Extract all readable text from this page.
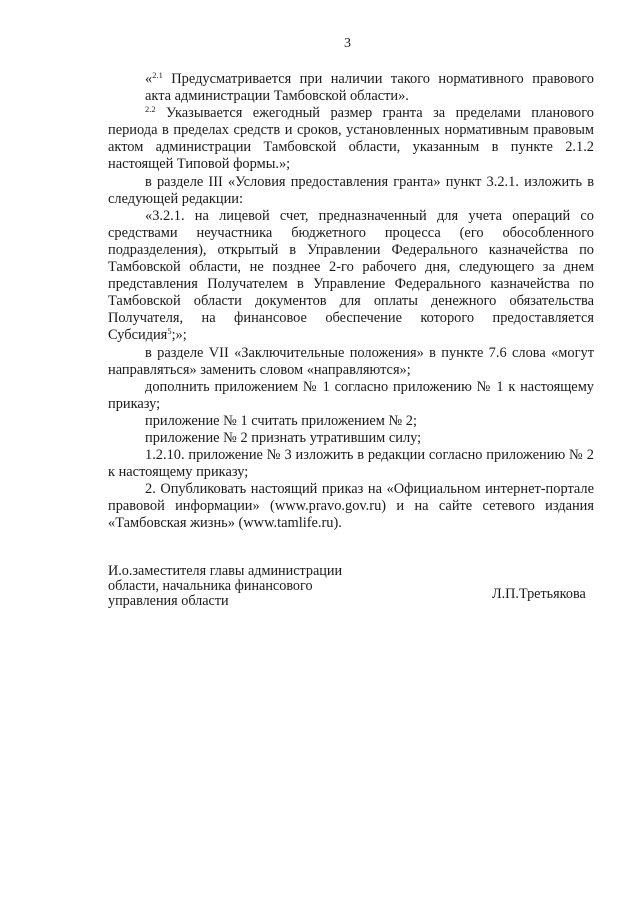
3

«$^{2.1}$ Предусматривается при наличии такого нормативного правового акта администрации Тамбовской области».

$^{2.2}$ Указывается ежегодный размер гранта за пределами планового периода в пределах средств и сроков, установленных нормативным правовым актом администрации Тамбовской области, указанным в пункте 2.1.2 настоящей Типовой формы.»;

в разделе III «Условия предоставления гранта» пункт 3.2.1. изложить в следующей редакции:

«3.2.1. на лицевой счет, предназначенный для учета операций со средствами неучастника бюджетного процесса (его обособленного подразделения), открытый в Управлении Федерального казначейства по Тамбовской области, не позднее 2-го рабочего дня, следующего за днем представления Получателем в Управление Федерального казначейства по Тамбовской области документов для оплаты денежного обязательства Получателя, на финансовое обеспечение которого предоставляется Субсидия$^5$;»;

в разделе VII «Заключительные положения» в пункте 7.6 слова «могут направляться» заменить словом «направляются»;

дополнить приложением № 1 согласно приложению № 1 к настоящему приказу;

приложение № 1 считать приложением № 2;

приложение № 2 признать утратившим силу;

1.2.10. приложение № 3 изложить в редакции согласно приложению № 2 к настоящему приказу;

2. Опубликовать настоящий приказ на «Официальном интернет-портале правовой информации» (www.pravo.gov.ru) и на сайте сетевого издания «Тамбовская жизнь» (www.tamlife.ru).

И.о.заместителя главы администрации
области, начальника финансового
управления области	Л.П.Третьякова
